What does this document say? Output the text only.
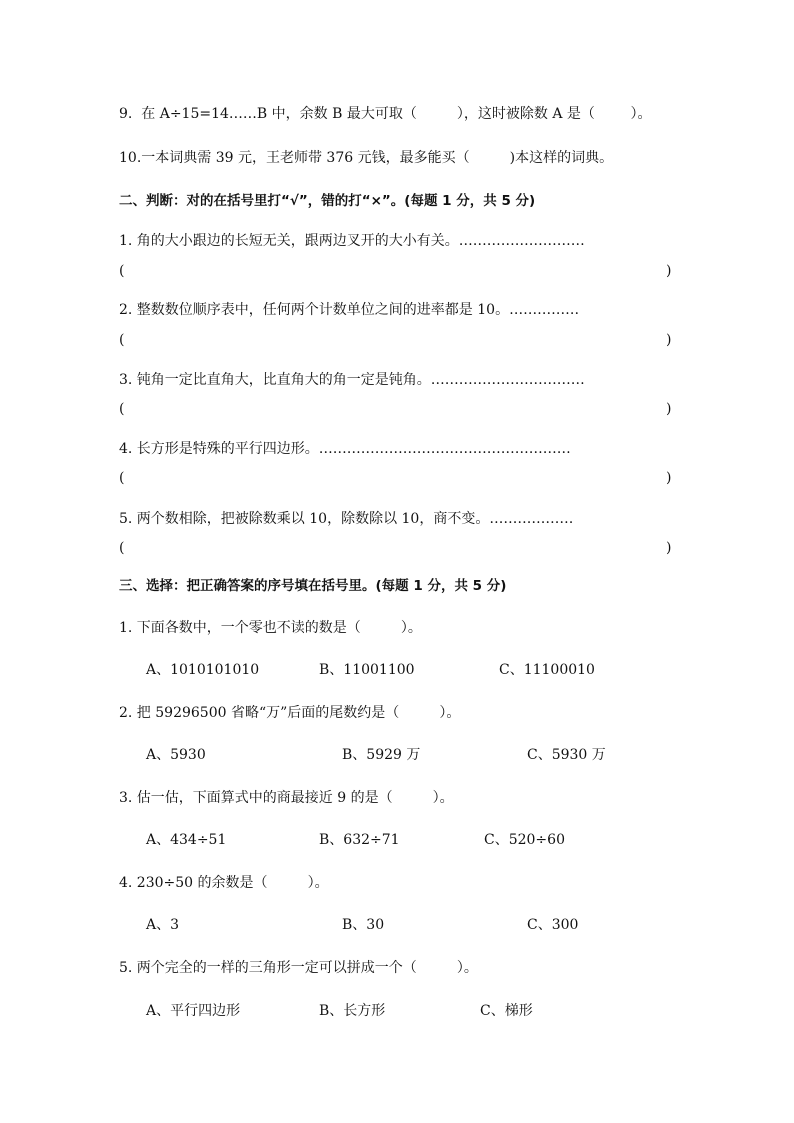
9.  在 A÷15=14……B 中，余数 B 最大可取（         ），这时被除数 A 是（        ）。
10.一本词典需 39 元，王老师带 376 元钱，最多能买（         )本这样的词典。
二、判断：对的在括号里打“√”，错的打“×”。(每题 1 分，共 5 分)
1. 角的大小跟边的长短无关，跟两边叉开的大小有关。………………………
(	)
2. 整数数位顺序表中，任何两个计数单位之间的进率都是 10。……………
(	)
3. 钝角一定比直角大，比直角大的角一定是钝角。……………………………
(	)
4. 长方形是特殊的平行四边形。………………………………………………
(	)
5. 两个数相除，把被除数乘以 10，除数除以 10，商不变。………………
(	)
三、选择：把正确答案的序号填在括号里。(每题 1 分，共 5 分)
1. 下面各数中，一个零也不读的数是（         ）。
A、1010101010	B、11001100	C、11100010
2. 把 59296500 省略“万”后面的尾数约是（         ）。
A、5930	B、5929 万	C、5930 万
3. 估一估，下面算式中的商最接近 9 的是（         ）。
A、434÷51	B、632÷71	C、520÷60
4. 230÷50 的余数是（         ）。
A、3	B、30	C、300
5. 两个完全的一样的三角形一定可以拼成一个（         ）。
A、平行四边形	B、长方形	C、梯形
